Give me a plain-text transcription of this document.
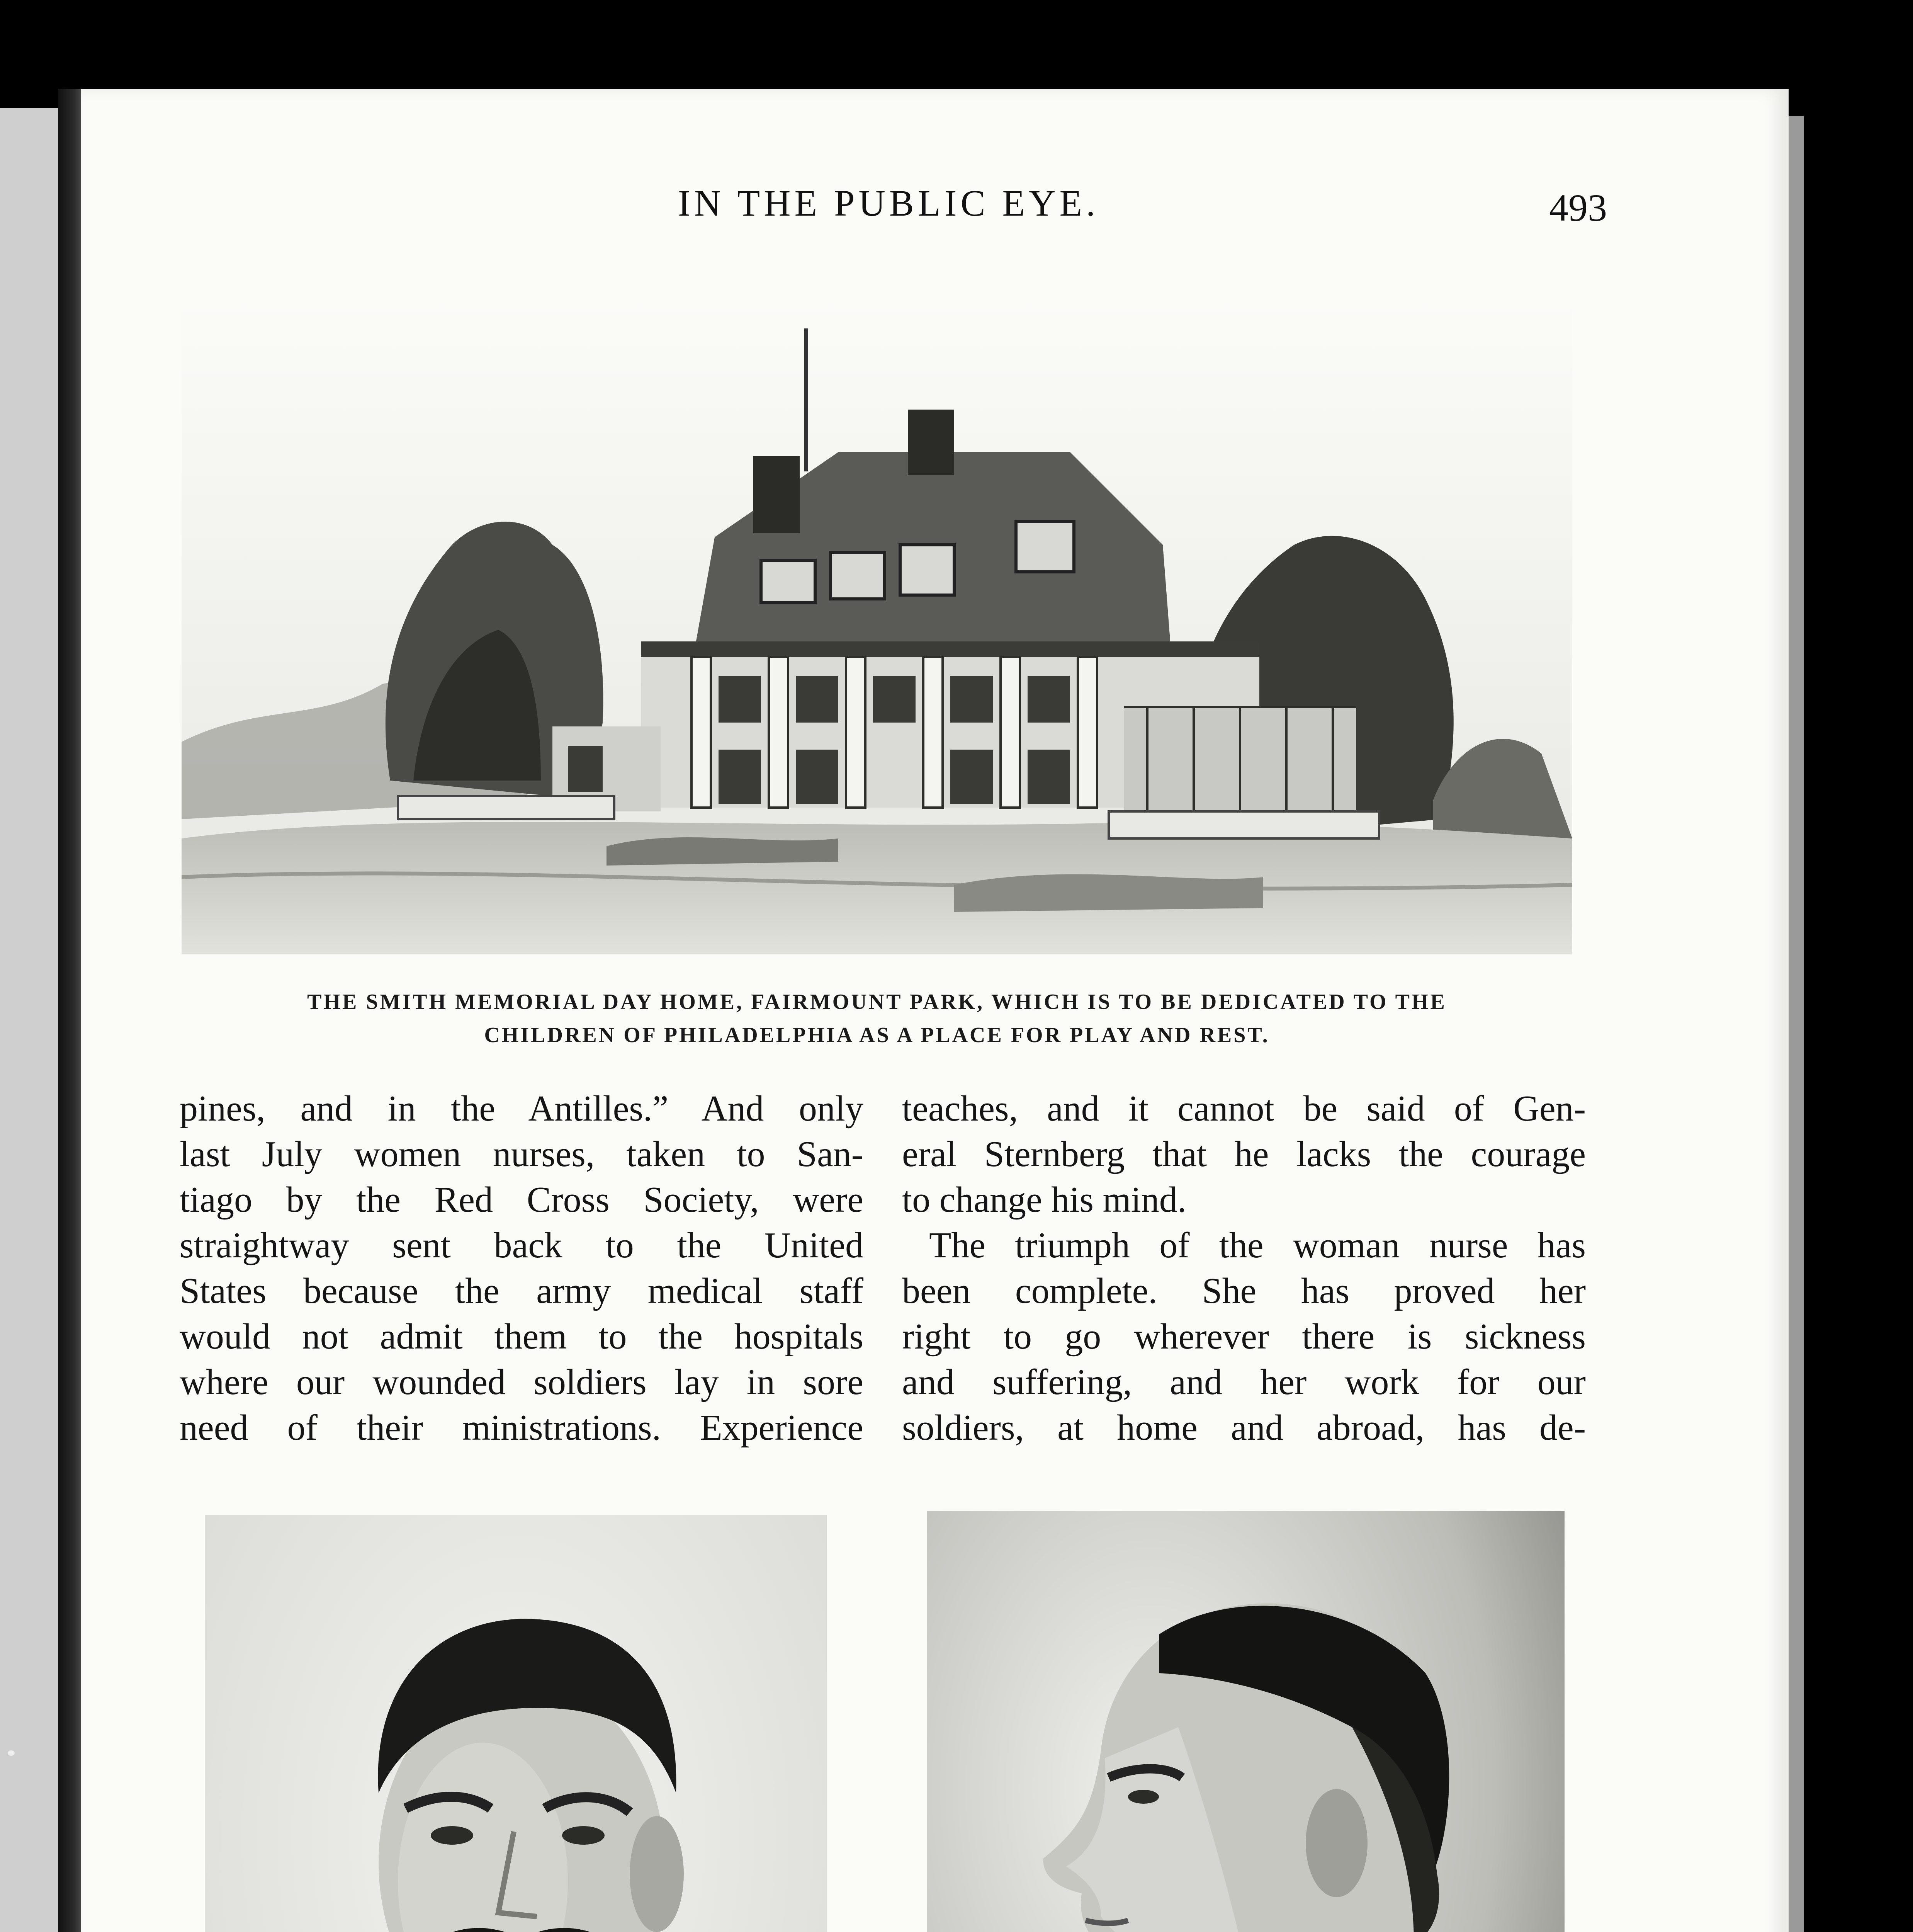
IN THE PUBLIC EYE.	493

THE SMITH MEMORIAL DAY HOME, FAIRMOUNT PARK, WHICH IS TO BE DEDICATED TO THE
CHILDREN OF PHILADELPHIA AS A PLACE FOR PLAY AND REST.

pines, and in the Antilles.” And only
last July women nurses, taken to San-
tiago by the Red Cross Society, were
straightway sent back to the United
States because the army medical staff
would not admit them to the hospitals
where our wounded soldiers lay in sore
need of their ministrations. Experience
teaches, and it cannot be said of Gen-
eral Sternberg that he lacks the courage
to change his mind.
The triumph of the woman nurse has
been complete. She has proved her
right to go wherever there is sickness
and suffering, and her work for our
soldiers, at home and abroad, has de-
